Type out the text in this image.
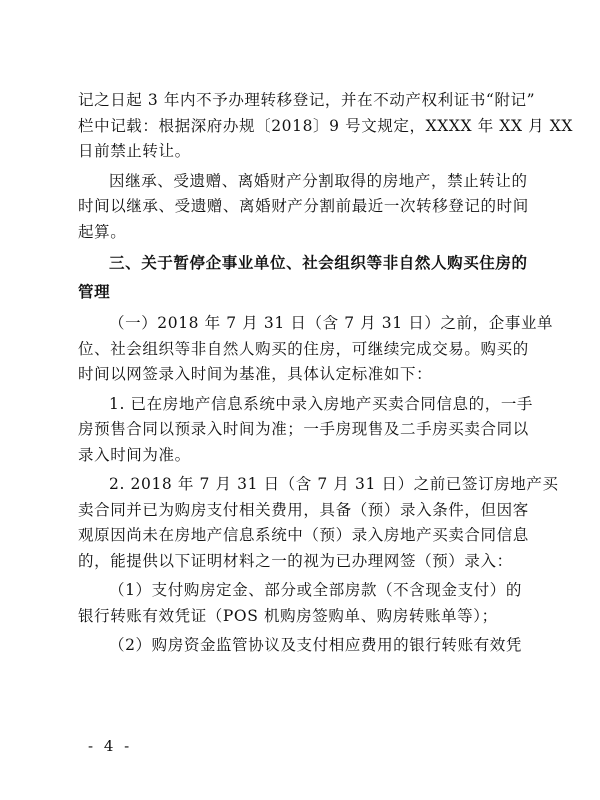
记之日起 3 年内不予办理转移登记，并在不动产权利证书“附记”
栏中记载：根据深府办规〔2018〕9 号文规定，XXXX 年 XX 月 XX
日前禁止转让。
因继承、受遗赠、离婚财产分割取得的房地产，禁止转让的
时间以继承、受遗赠、离婚财产分割前最近一次转移登记的时间
起算。
三、关于暂停企事业单位、社会组织等非自然人购买住房的 管理
（一）2018 年 7 月 31 日（含 7 月 31 日）之前，企事业单
位、社会组织等非自然人购买的住房，可继续完成交易。购买的
时间以网签录入时间为基准，具体认定标准如下：
1. 已在房地产信息系统中录入房地产买卖合同信息的，一手
房预售合同以预录入时间为准；一手房现售及二手房买卖合同以
录入时间为准。
2. 2018 年 7 月 31 日（含 7 月 31 日）之前已签订房地产买
卖合同并已为购房支付相关费用，具备（预）录入条件，但因客
观原因尚未在房地产信息系统中（预）录入房地产买卖合同信息
的，能提供以下证明材料之一的视为已办理网签（预）录入：
（1）支付购房定金、部分或全部房款（不含现金支付）的
银行转账有效凭证（POS 机购房签购单、购房转账单等）；
（2）购房资金监管协议及支付相应费用的银行转账有效凭
- 4 -
